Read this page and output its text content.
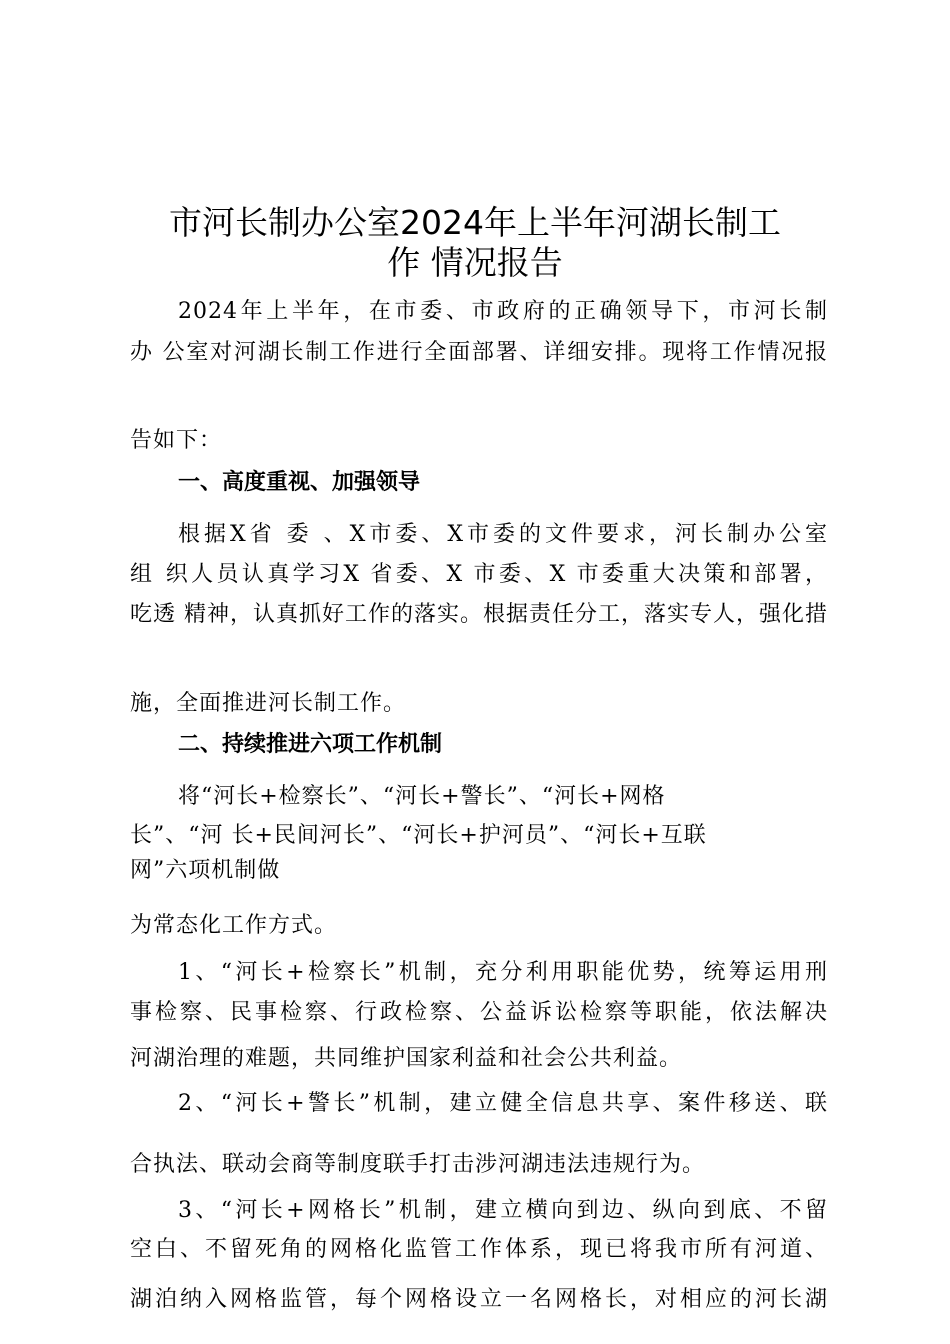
市河长制办公室2024年上半年河湖长制工
作 情况报告
2024年上半年，在市委、市政府的正确领导下，市河长制
办 公室对河湖长制工作进行全面部署、详细安排。现将工作情况报
告如下：
一、高度重视、加强领导
根据X省 委 、X市委、X市委的文件要求，河长制办公室
组 织人员认真学习X 省委、X 市委、X 市委重大决策和部署，
吃透 精神，认真抓好工作的落实。根据责任分工，落实专人，强化措
施，全面推进河长制工作。
二、持续推进六项工作机制
将“河长+检察长”、“河长+警长”、“河长+网格
长”、“河 长+民间河长”、“河长+护河员”、“河长+互联
为常态化工作方式。
1、“河长+检察长”机制，充分利用职能优势，统筹运用刑
事检察、民事检察、行政检察、公益诉讼检察等职能，依法解决
河湖治理的难题，共同维护国家利益和社会公共利益。
2、“河长+警长”机制，建立健全信息共享、案件移送、联
合执法、联动会商等制度联手打击涉河湖违法违规行为。
3、“河长+网格长”机制，建立横向到边、纵向到底、不留
空白、不留死角的网格化监管工作体系，现已将我市所有河道、
湖泊纳入网格监管，每个网格设立一名网格长，对相应的河长湖
网”六项机制做
